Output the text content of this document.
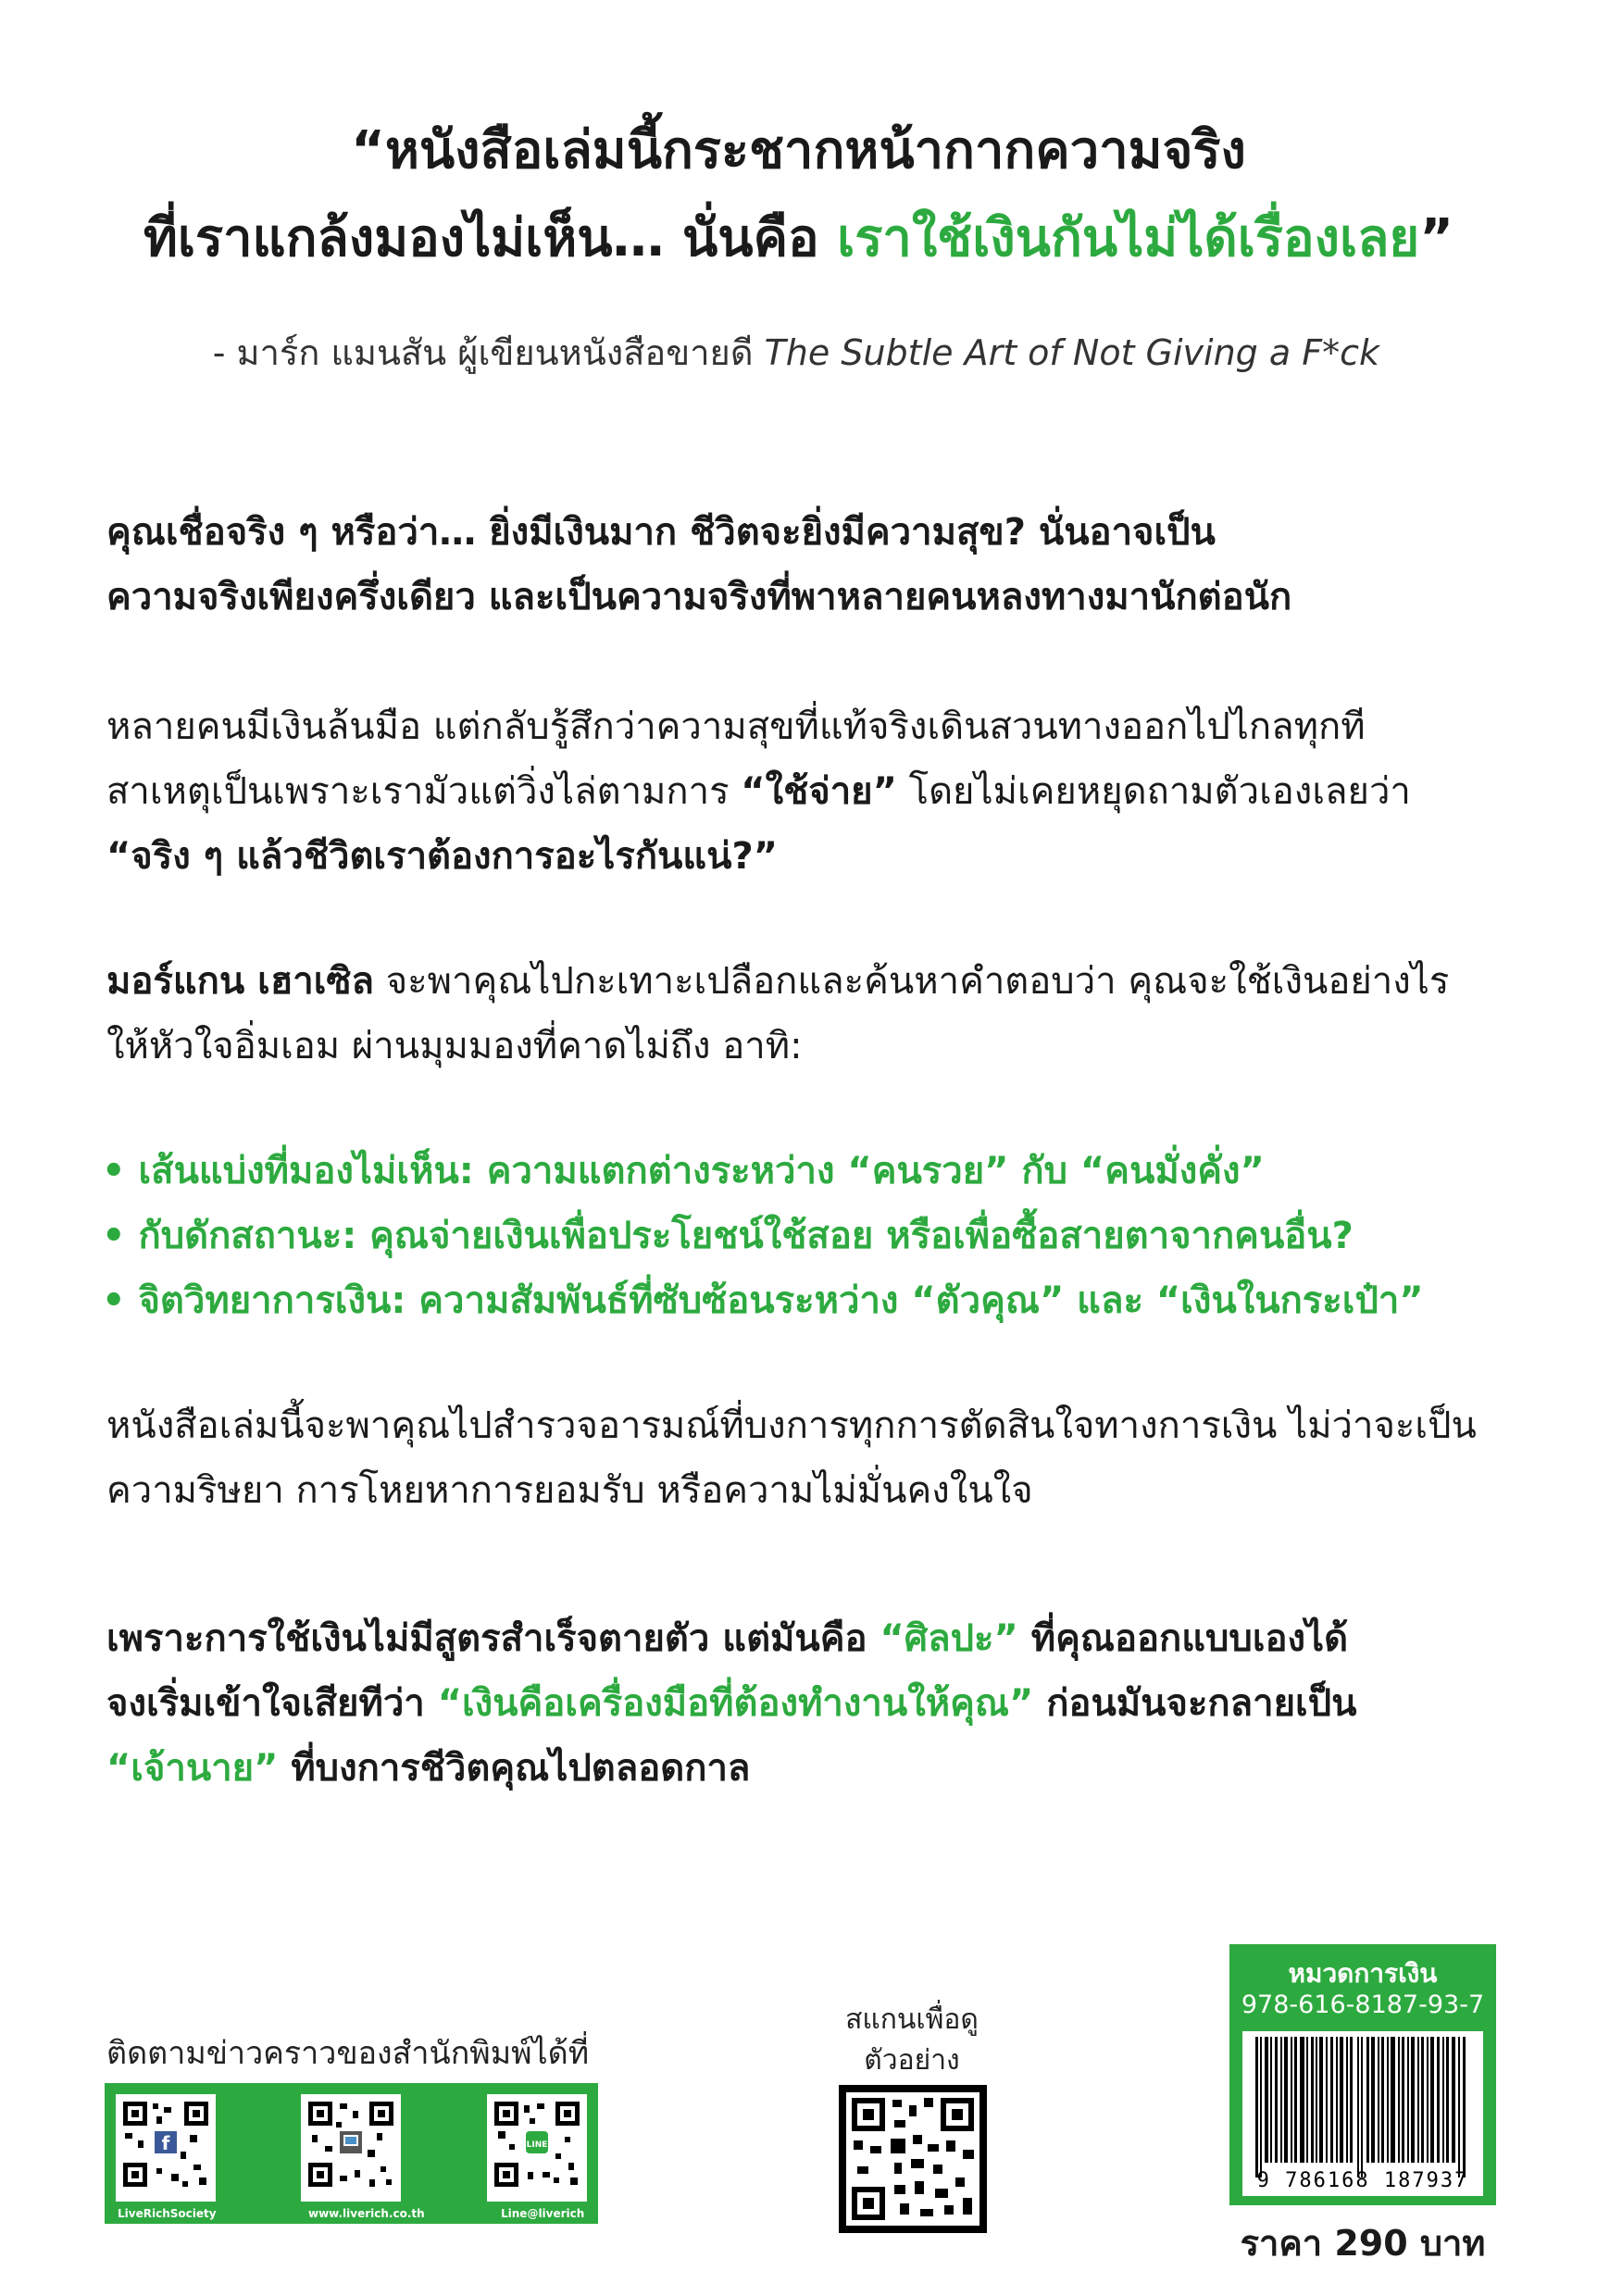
“หนังสือเล่มนี้กระชากหน้ากากความจริง
ที่เราแกล้งมองไม่เห็น… นั่นคือ เราใช้เงินกันไม่ได้เรื่องเลย”
- มาร์ก แมนสัน ผู้เขียนหนังสือขายดี The Subtle Art of Not Giving a F*ck
คุณเชื่อจริง ๆ หรือว่า… ยิ่งมีเงินมาก ชีวิตจะยิ่งมีความสุข? นั่นอาจเป็น
ความจริงเพียงครึ่งเดียว และเป็นความจริงที่พาหลายคนหลงทางมานักต่อนัก
หลายคนมีเงินล้นมือ แต่กลับรู้สึกว่าความสุขที่แท้จริงเดินสวนทางออกไปไกลทุกที
สาเหตุเป็นเพราะเรามัวแต่วิ่งไล่ตามการ “ใช้จ่าย” โดยไม่เคยหยุดถามตัวเองเลยว่า
“จริง ๆ แล้วชีวิตเราต้องการอะไรกันแน่?”
มอร์แกน เฮาเซิล จะพาคุณไปกะเทาะเปลือกและค้นหาคำตอบว่า คุณจะใช้เงินอย่างไร
ให้หัวใจอิ่มเอม ผ่านมุมมองที่คาดไม่ถึง อาทิ:
• เส้นแบ่งที่มองไม่เห็น: ความแตกต่างระหว่าง “คนรวย” กับ “คนมั่งคั่ง”
• กับดักสถานะ: คุณจ่ายเงินเพื่อประโยชน์ใช้สอย หรือเพื่อซื้อสายตาจากคนอื่น?
• จิตวิทยาการเงิน: ความสัมพันธ์ที่ซับซ้อนระหว่าง “ตัวคุณ” และ “เงินในกระเป๋า”
หนังสือเล่มนี้จะพาคุณไปสำรวจอารมณ์ที่บงการทุกการตัดสินใจทางการเงิน ไม่ว่าจะเป็น
ความริษยา การโหยหาการยอมรับ หรือความไม่มั่นคงในใจ
เพราะการใช้เงินไม่มีสูตรสำเร็จตายตัว แต่มันคือ “ศิลปะ” ที่คุณออกแบบเองได้
จงเริ่มเข้าใจเสียทีว่า “เงินคือเครื่องมือที่ต้องทำงานให้คุณ” ก่อนมันจะกลายเป็น
“เจ้านาย” ที่บงการชีวิตคุณไปตลอดกาล
ติดตามข่าวคราวของสำนักพิมพ์ได้ที่
f
LiveRichSociety	www.liverich.co.th
LINE
Line@liverich
สแกนเพื่อดู
ตัวอย่าง
หมวดการเงิน
978-616-8187-93-7
9 786168 187937
ราคา 290 บาท
